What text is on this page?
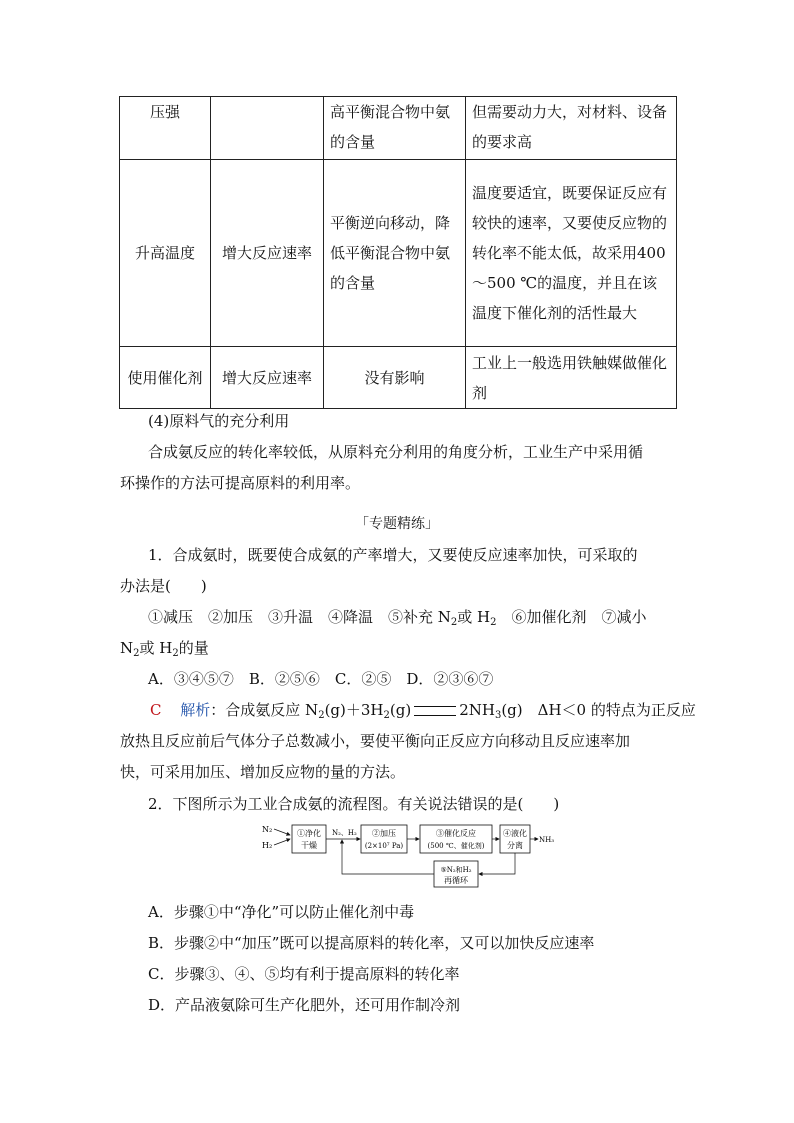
压强		高平衡混合物中氨的含量	但需要动力大，对材料、设备的要求高
升高温度	增大反应速率	平衡逆向移动，降低平衡混合物中氨的含量	温度要适宜，既要保证反应有较快的速率，又要使反应物的转化率不能太低，故采用400～500 ℃的温度，并且在该温度下催化剂的活性最大
使用催化剂	增大反应速率	没有影响	工业上一般选用铁触媒做催化剂
(4)原料气的充分利用
合成氨反应的转化率较低，从原料充分利用的角度分析，工业生产中采用循
环操作的方法可提高原料的利用率。
「专题精练」
1．合成氨时，既要使合成氨的产率增大，又要使反应速率加快，可采取的
办法是(　　)
①减压　②加压　③升温　④降温　⑤补充 $N_2$或 $H_2$　⑥加催化剂　⑦减小
$N_2$或 $H_2$的量
A．③④⑤⑦　B．②⑤⑥　C．②⑤　D．②③⑥⑦
C 解析：合成氨反应 $N_2(g)+3H_2(g)$	$2NH_3(g)$　ΔH＜0 的特点为正反应
放热且反应前后气体分子总数减小，要使平衡向正反应方向移动且反应速率加
快，可采用加压、增加反应物的量的方法。
2．下图所示为工业合成氨的流程图。有关说法错误的是(　　)
N₂
H₂
①净化
干燥
N₂、H₂ ②加压
(2×10⁷ Pa)
③催化反应
(500 ℃、催化剂)
④液化
分离
NH₃
⑤N₂和H₂
再循环
A．步骤①中“净化”可以防止催化剂中毒
B．步骤②中“加压”既可以提高原料的转化率，又可以加快反应速率
C．步骤③、④、⑤均有利于提高原料的转化率
D．产品液氨除可生产化肥外，还可用作制冷剂
